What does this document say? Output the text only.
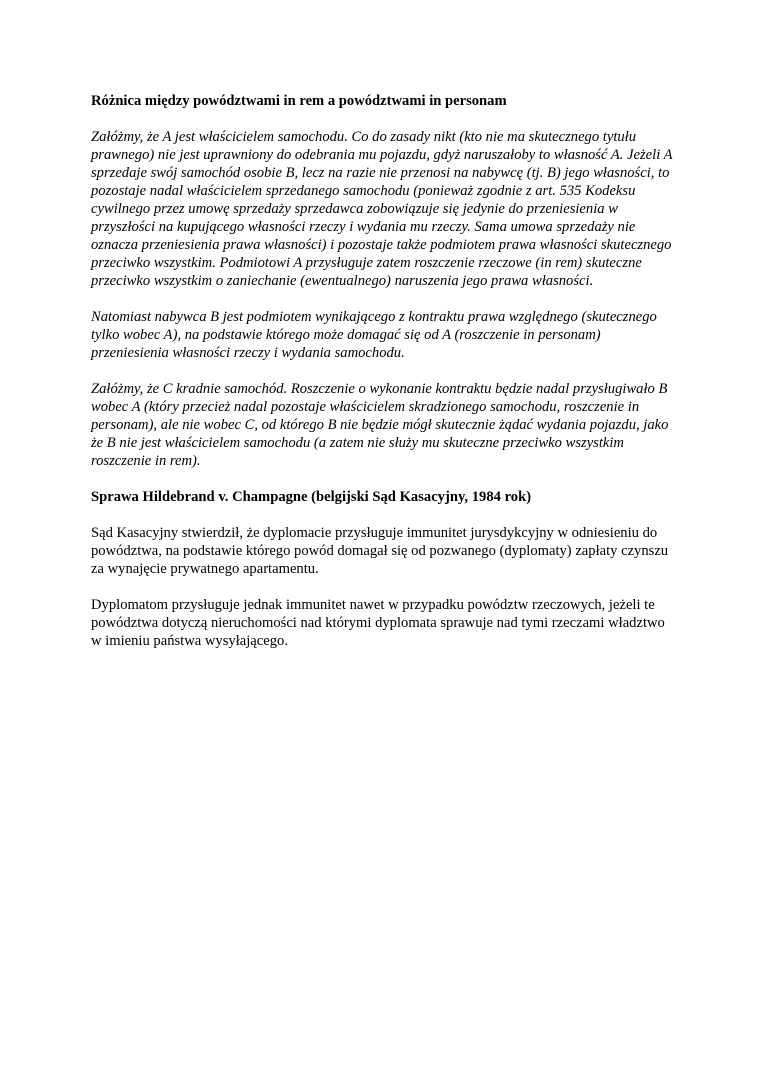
Różnica między powództwami in rem a powództwami in personam

Załóżmy, że A jest właścicielem samochodu. Co do zasady nikt (kto nie ma skutecznego tytułu prawnego) nie jest uprawniony do odebrania mu pojazdu, gdyż naruszałoby to własność A. Jeżeli A sprzedaje swój samochód osobie B, lecz na razie nie przenosi na nabywcę (tj. B) jego własności, to pozostaje nadal właścicielem sprzedanego samochodu (ponieważ zgodnie z art. 535 Kodeksu cywilnego przez umowę sprzedaży sprzedawca zobowiązuje się jedynie do przeniesienia w przyszłości na kupującego własności rzeczy i wydania mu rzeczy. Sama umowa sprzedaży nie oznacza przeniesienia prawa własności) i pozostaje także podmiotem prawa własności skutecznego przeciwko wszystkim. Podmiotowi A przysługuje zatem roszczenie rzeczowe (in rem) skuteczne przeciwko wszystkim o zaniechanie (ewentualnego) naruszenia jego prawa własności.

Natomiast nabywca B jest podmiotem wynikającego z kontraktu prawa względnego (skutecznego tylko wobec A), na podstawie którego może domagać się od A (roszczenie in personam) przeniesienia własności rzeczy i wydania samochodu.

Załóżmy, że C kradnie samochód. Roszczenie o wykonanie kontraktu będzie nadal przysługiwało B wobec A (który przecież nadal pozostaje właścicielem skradzionego samochodu, roszczenie in personam), ale nie wobec C, od którego B nie będzie mógł skutecznie żądać wydania pojazdu, jako że B nie jest właścicielem samochodu (a zatem nie służy mu skuteczne przeciwko wszystkim roszczenie in rem).

Sprawa Hildebrand v. Champagne (belgijski Sąd Kasacyjny, 1984 rok)

Sąd Kasacyjny stwierdził, że dyplomacie przysługuje immunitet jurysdykcyjny w odniesieniu do powództwa, na podstawie którego powód domagał się od pozwanego (dyplomaty) zapłaty czynszu za wynajęcie prywatnego apartamentu.

Dyplomatom przysługuje jednak immunitet nawet w przypadku powództw rzeczowych, jeżeli te powództwa dotyczą nieruchomości nad którymi dyplomata sprawuje nad tymi rzeczami władztwo w imieniu państwa wysyłającego.
